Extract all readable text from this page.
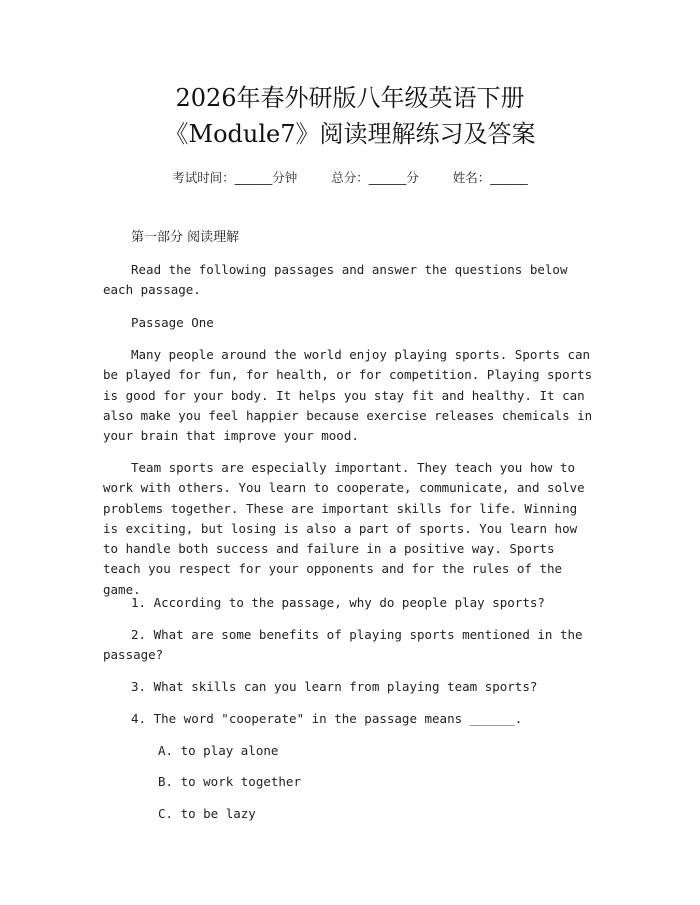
2026年春外研版八年级英语下册
《Module7》阅读理解练习及答案
考试时间：______分钟	总分：______分	姓名：______
第一部分 阅读理解
Read the following passages and answer the questions below each passage.
Passage One
Many people around the world enjoy playing sports. Sports can be played for fun, for health, or for competition. Playing sports is good for your body. It helps you stay fit and healthy. It can also make you feel happier because exercise releases chemicals in your brain that improve your mood.
Team sports are especially important. They teach you how to work with others. You learn to cooperate, communicate, and solve problems together. These are important skills for life. Winning is exciting, but losing is also a part of sports. You learn how to handle both success and failure in a positive way. Sports teach you respect for your opponents and for the rules of the game.
1. According to the passage, why do people play sports?
2. What are some benefits of playing sports mentioned in the passage?
3. What skills can you learn from playing team sports?
4. The word "cooperate" in the passage means ______.
A. to play alone
B. to work together
C. to be lazy
